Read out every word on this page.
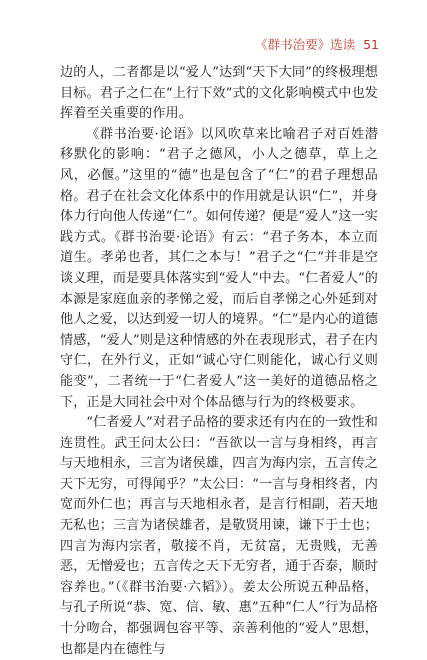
《群书治要》选读 51

边的人，二者都是以“爱人”达到“天下大同”的终极理想目标。君子之仁在“上行下效”式的文化影响模式中也发挥着至关重要的作用。

《群书治要·论语》以风吹草来比喻君子对百姓潜移默化的影响：“君子之德风，小人之德草，草上之风，必偃。”这里的“德”也是包含了“仁”的君子理想品格。君子在社会文化体系中的作用就是认识“仁”，并身体力行向他人传递“仁”。如何传递？便是“爱人”这一实践方式。《群书治要·论语》有云：“君子务本，本立而道生。孝弟也者，其仁之本与！”君子之“仁”并非是空谈义理，而是要具体落实到“爱人”中去。“仁者爱人”的本源是家庭血亲的孝悌之爱，而后自孝悌之心外延到对他人之爱，以达到爱一切人的境界。“仁”是内心的道德情感，“爱人”则是这种情感的外在表现形式，君子在内守仁，在外行义，正如“诚心守仁则能化，诚心行义则能变”，二者统一于“仁者爱人”这一美好的道德品格之下，正是大同社会中对个体品德与行为的终极要求。

“仁者爱人”对君子品格的要求还有内在的一致性和连贯性。武王问太公曰：“吾欲以一言与身相终，再言与天地相永，三言为诸侯雄，四言为海内宗，五言传之天下无穷，可得闻乎？”太公曰：“一言与身相终者，内宽而外仁也；再言与天地相永者，是言行相副，若天地无私也；三言为诸侯雄者，是敬贤用谏，谦下于士也；四言为海内宗者，敬接不肖，无贫富，无贵贱，无善恶，无憎爱也；五言传之天下无穷者，通于否泰，顺时容养也。”（《群书治要·六韬》）。姜太公所说五种品格，与孔子所说“恭、宽、信、敏、惠”五种“仁人”行为品格十分吻合，都强调包容平等、亲善利他的“爱人”思想，也都是内在德性与
